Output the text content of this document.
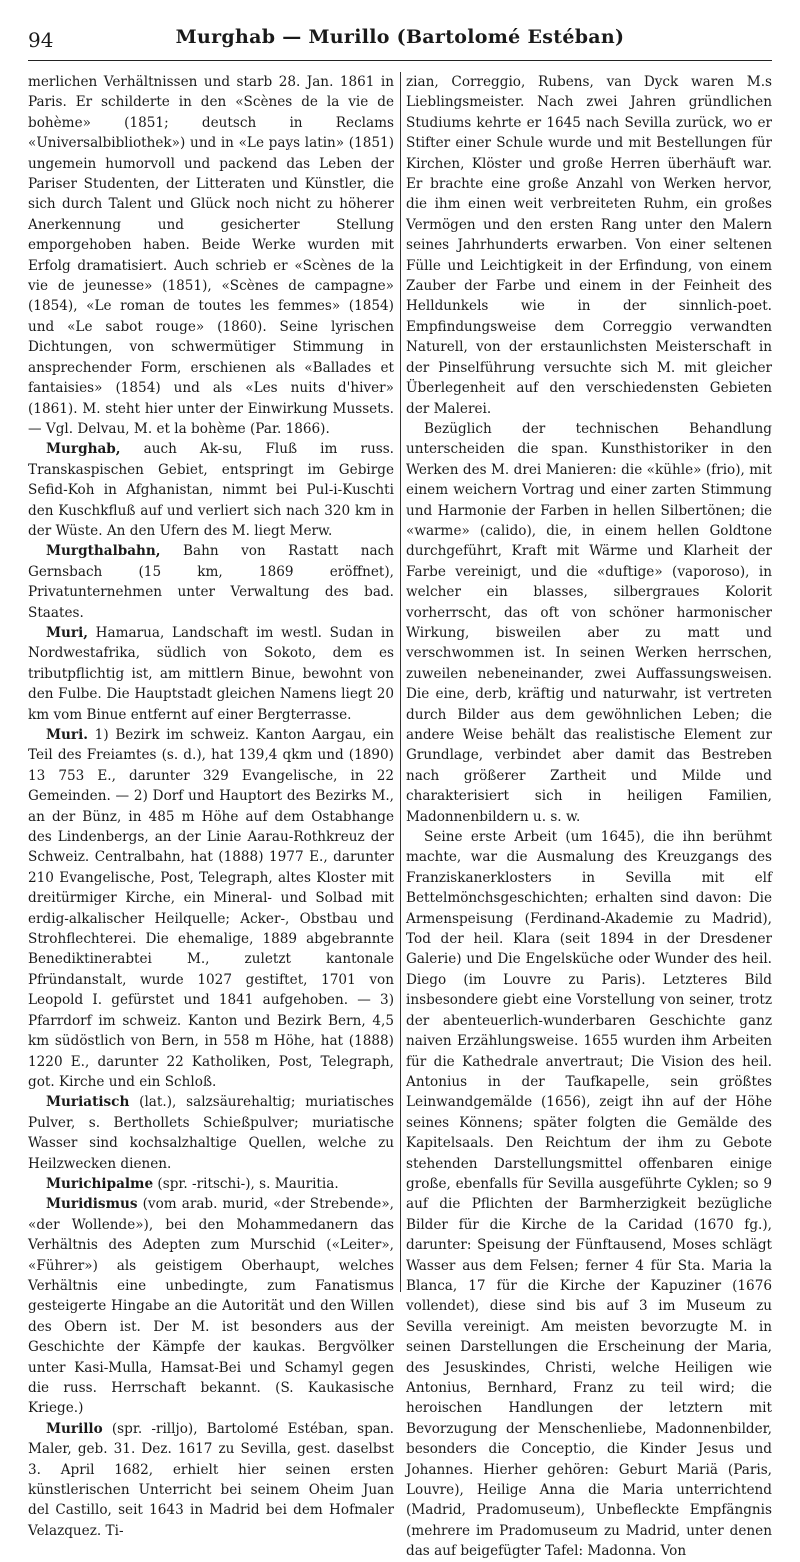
94	Murghab — Murillo (Bartolomé Estéban)

merlichen Verhältnissen und starb 28. Jan. 1861 in Paris. Er schilderte in den «Scènes de la vie de bohème» (1851; deutsch in Reclams «Universalbibliothek») und in «Le pays latin» (1851) ungemein humorvoll und packend das Leben der Pariser Studenten, der Litteraten und Künstler, die sich durch Talent und Glück noch nicht zu höherer Anerkennung und gesicherter Stellung emporgehoben haben. Beide Werke wurden mit Erfolg dramatisiert. Auch schrieb er «Scènes de la vie de jeunesse» (1851), «Scènes de campagne» (1854), «Le roman de toutes les femmes» (1854) und «Le sabot rouge» (1860). Seine lyrischen Dichtungen, von schwermütiger Stimmung in ansprechender Form, erschienen als «Ballades et fantaisies» (1854) und als «Les nuits d'hiver» (1861). M. steht hier unter der Einwirkung Mussets. — Vgl. Delvau, M. et la bohème (Par. 1866).

Murghab, auch Ak-su, Fluß im russ. Transkaspischen Gebiet, entspringt im Gebirge Sefid-Koh in Afghanistan, nimmt bei Pul-i-Kuschti den Kuschkfluß auf und verliert sich nach 320 km in der Wüste. An den Ufern des M. liegt Merw.

Murgthalbahn, Bahn von Rastatt nach Gernsbach (15 km, 1869 eröffnet), Privatunternehmen unter Verwaltung des bad. Staates.

Muri, Hamarua, Landschaft im westl. Sudan in Nordwestafrika, südlich von Sokoto, dem es tributpflichtig ist, am mittlern Binue, bewohnt von den Fulbe. Die Hauptstadt gleichen Namens liegt 20 km vom Binue entfernt auf einer Bergterrasse.

Muri. 1) Bezirk im schweiz. Kanton Aargau, ein Teil des Freiamtes (s. d.), hat 139,4 qkm und (1890) 13 753 E., darunter 329 Evangelische, in 22 Gemeinden. — 2) Dorf und Hauptort des Bezirks M., an der Bünz, in 485 m Höhe auf dem Ostabhange des Lindenbergs, an der Linie Aarau-Rothkreuz der Schweiz. Centralbahn, hat (1888) 1977 E., darunter 210 Evangelische, Post, Telegraph, altes Kloster mit dreitürmiger Kirche, ein Mineral- und Solbad mit erdig-alkalischer Heilquelle; Acker-, Obstbau und Strohflechterei. Die ehemalige, 1889 abgebrannte Benediktinerabtei M., zuletzt kantonale Pfründanstalt, wurde 1027 gestiftet, 1701 von Leopold I. gefürstet und 1841 aufgehoben. — 3) Pfarrdorf im schweiz. Kanton und Bezirk Bern, 4,5 km südöstlich von Bern, in 558 m Höhe, hat (1888) 1220 E., darunter 22 Katholiken, Post, Telegraph, got. Kirche und ein Schloß.

Muriatisch (lat.), salzsäurehaltig; muriatisches Pulver, s. Berthollets Schießpulver; muriatische Wasser sind kochsalzhaltige Quellen, welche zu Heilzwecken dienen.

Murichipalme (spr. -ritschi-), s. Mauritia.

Muridismus (vom arab. murid, «der Strebende», «der Wollende»), bei den Mohammedanern das Verhältnis des Adepten zum Murschid («Leiter», «Führer») als geistigem Oberhaupt, welches Verhältnis eine unbedingte, zum Fanatismus gesteigerte Hingabe an die Autorität und den Willen des Obern ist. Der M. ist besonders aus der Geschichte der Kämpfe der kaukas. Bergvölker unter Kasi-Mulla, Hamsat-Bei und Schamyl gegen die russ. Herrschaft bekannt. (S. Kaukasische Kriege.)

Murillo (spr. -rilljo), Bartolomé Estéban, span. Maler, geb. 31. Dez. 1617 zu Sevilla, gest. daselbst 3. April 1682, erhielt hier seinen ersten künstlerischen Unterricht bei seinem Oheim Juan del Castillo, seit 1643 in Madrid bei dem Hofmaler Velazquez. Ti-

zian, Correggio, Rubens, van Dyck waren M.s Lieblingsmeister. Nach zwei Jahren gründlichen Studiums kehrte er 1645 nach Sevilla zurück, wo er Stifter einer Schule wurde und mit Bestellungen für Kirchen, Klöster und große Herren überhäuft war. Er brachte eine große Anzahl von Werken hervor, die ihm einen weit verbreiteten Ruhm, ein großes Vermögen und den ersten Rang unter den Malern seines Jahrhunderts erwarben. Von einer seltenen Fülle und Leichtigkeit in der Erfindung, von einem Zauber der Farbe und einem in der Feinheit des Helldunkels wie in der sinnlich-poet. Empfindungsweise dem Correggio verwandten Naturell, von der erstaunlichsten Meisterschaft in der Pinselführung versuchte sich M. mit gleicher Überlegenheit auf den verschiedensten Gebieten der Malerei.

Bezüglich der technischen Behandlung unterscheiden die span. Kunsthistoriker in den Werken des M. drei Manieren: die «kühle» (frio), mit einem weichern Vortrag und einer zarten Stimmung und Harmonie der Farben in hellen Silbertönen; die «warme» (calido), die, in einem hellen Goldtone durchgeführt, Kraft mit Wärme und Klarheit der Farbe vereinigt, und die «duftige» (vaporoso), in welcher ein blasses, silbergraues Kolorit vorherrscht, das oft von schöner harmonischer Wirkung, bisweilen aber zu matt und verschwommen ist. In seinen Werken herrschen, zuweilen nebeneinander, zwei Auffassungsweisen. Die eine, derb, kräftig und naturwahr, ist vertreten durch Bilder aus dem gewöhnlichen Leben; die andere Weise behält das realistische Element zur Grundlage, verbindet aber damit das Bestreben nach größerer Zartheit und Milde und charakterisiert sich in heiligen Familien, Madonnenbildern u. s. w.

Seine erste Arbeit (um 1645), die ihn berühmt machte, war die Ausmalung des Kreuzgangs des Franziskanerklosters in Sevilla mit elf Bettelmönchsgeschichten; erhalten sind davon: Die Armenspeisung (Ferdinand-Akademie zu Madrid), Tod der heil. Klara (seit 1894 in der Dresdener Galerie) und Die Engelsküche oder Wunder des heil. Diego (im Louvre zu Paris). Letzteres Bild insbesondere giebt eine Vorstellung von seiner, trotz der abenteuerlich-wunderbaren Geschichte ganz naiven Erzählungsweise. 1655 wurden ihm Arbeiten für die Kathedrale anvertraut; Die Vision des heil. Antonius in der Taufkapelle, sein größtes Leinwandgemälde (1656), zeigt ihn auf der Höhe seines Könnens; später folgten die Gemälde des Kapitelsaals. Den Reichtum der ihm zu Gebote stehenden Darstellungsmittel offenbaren einige große, ebenfalls für Sevilla ausgeführte Cyklen; so 9 auf die Pflichten der Barmherzigkeit bezügliche Bilder für die Kirche de la Caridad (1670 fg.), darunter: Speisung der Fünftausend, Moses schlägt Wasser aus dem Felsen; ferner 4 für Sta. Maria la Blanca, 17 für die Kirche der Kapuziner (1676 vollendet), diese sind bis auf 3 im Museum zu Sevilla vereinigt. Am meisten bevorzugte M. in seinen Darstellungen die Erscheinung der Maria, des Jesuskindes, Christi, welche Heiligen wie Antonius, Bernhard, Franz zu teil wird; die heroischen Handlungen der letztern mit Bevorzugung der Menschenliebe, Madonnenbilder, besonders die Conceptio, die Kinder Jesus und Johannes. Hierher gehören: Geburt Mariä (Paris, Louvre), Heilige Anna die Maria unterrichtend (Madrid, Pradomuseum), Unbefleckte Empfängnis (mehrere im Pradomuseum zu Madrid, unter denen das auf beigefügter Tafel: Madonna. Von
